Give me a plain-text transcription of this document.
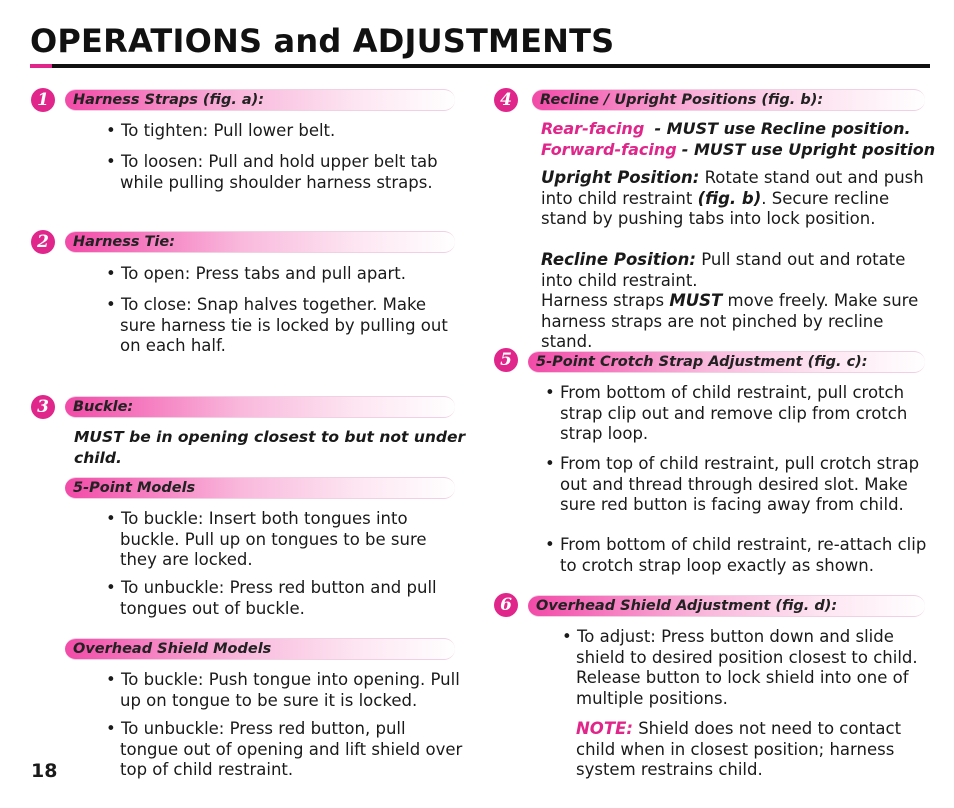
OPERATIONS and ADJUSTMENTS
1	Harness Straps (fig. a):
• To tighten: Pull lower belt.
• To loosen: Pull and hold upper belt tab while pulling shoulder harness straps.
2	Harness Tie:
• To open: Press tabs and pull apart.
• To close: Snap halves together. Make sure harness tie is locked by pulling out on each half.
3	Buckle:
MUST be in opening closest to but not under child.
5-Point Models
• To buckle: Insert both tongues into buckle. Pull up on tongues to be sure they are locked.
• To unbuckle: Press red button and pull tongues out of buckle.
Overhead Shield Models
• To buckle: Push tongue into opening. Pull up on tongue to be sure it is locked.
• To unbuckle: Press red button, pull tongue out of opening and lift shield over top of child restraint.
18
4	Recline / Upright Positions (fig. b):
Rear-facing - MUST use Recline position.
Forward-facing - MUST use Upright position
Upright Position: Rotate stand out and push into child restraint (fig. b). Secure recline stand by pushing tabs into lock position.
Recline Position: Pull stand out and rotate into child restraint.
Harness straps MUST move freely. Make sure harness straps are not pinched by recline stand.
5	5-Point Crotch Strap Adjustment (fig. c):
• From bottom of child restraint, pull crotch strap clip out and remove clip from crotch strap loop.
• From top of child restraint, pull crotch strap out and thread through desired slot. Make sure red button is facing away from child.
• From bottom of child restraint, re-attach clip to crotch strap loop exactly as shown.
6	Overhead Shield Adjustment (fig. d):
• To adjust: Press button down and slide shield to desired position closest to child. Release button to lock shield into one of multiple positions.
NOTE: Shield does not need to contact child when in closest position; harness system restrains child.
